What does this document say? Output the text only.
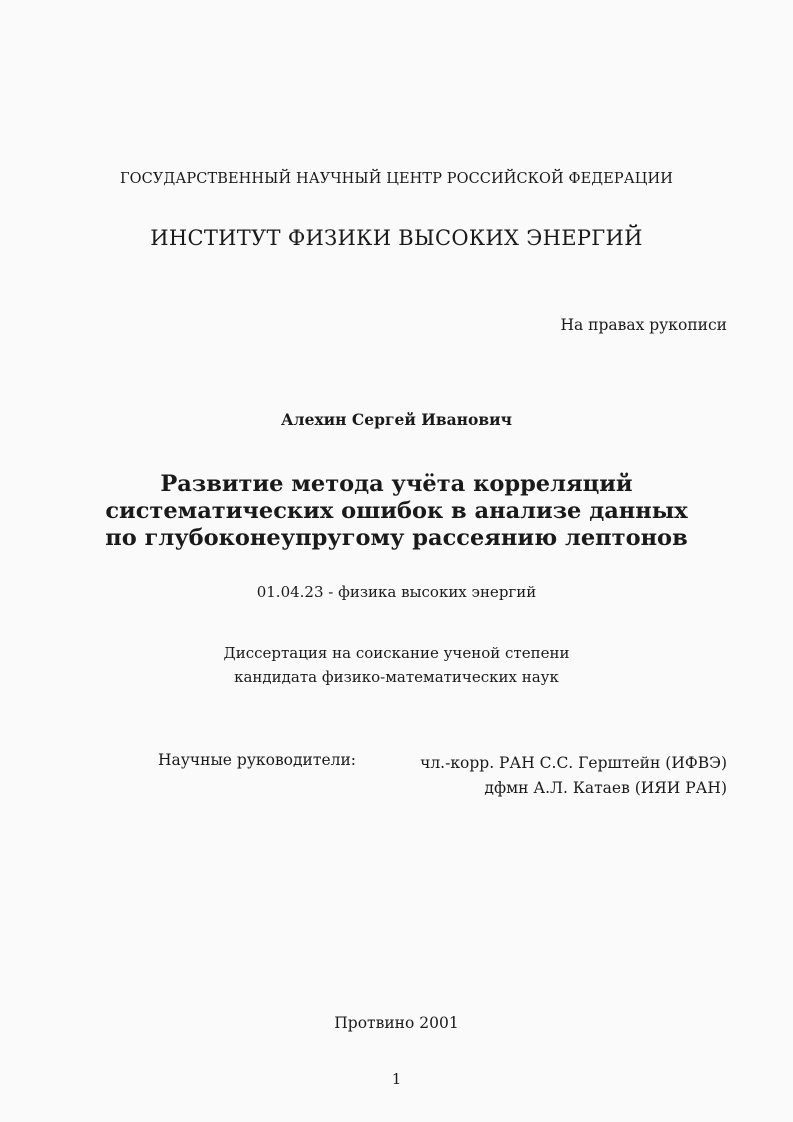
ГОСУДАРСТВЕННЫЙ НАУЧНЫЙ ЦЕНТР РОССИЙСКОЙ ФЕДЕРАЦИИ
ИНСТИТУТ ФИЗИКИ ВЫСОКИХ ЭНЕРГИЙ
На правах рукописи
Алехин Сергей Иванович
Развитие метода учёта корреляций
систематических ошибок в анализе данных
по глубоконеупругому рассеянию лептонов
01.04.23 - физика высоких энергий
Диссертация на соискание ученой степени
кандидата физико-математических наук
Научные руководители:	чл.-корр. РАН С.С. Герштейн (ИФВЭ)
дфмн А.Л. Катаев (ИЯИ РАН)
Протвино 2001
1
